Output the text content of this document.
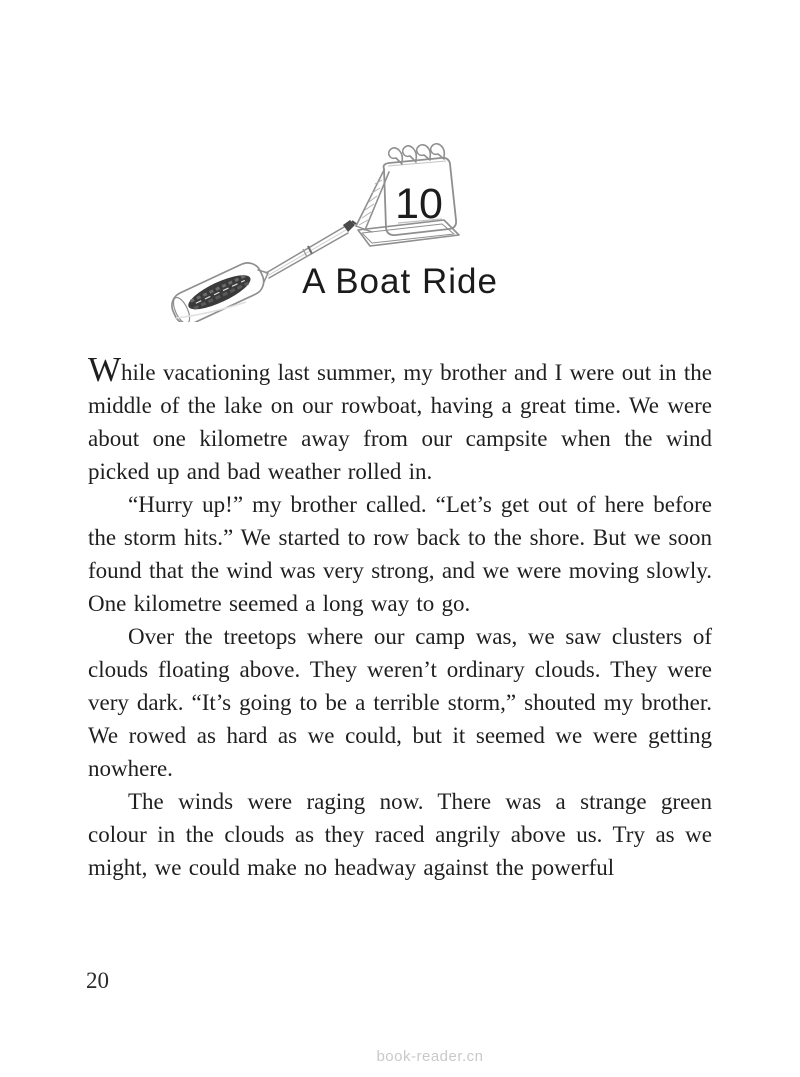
10
A Boat Ride

While vacationing last summer, my brother and I were out in the middle of the lake on our rowboat, having a great time. We were about one kilometre away from our campsite when the wind picked up and bad weather rolled in.

“Hurry up!” my brother called. “Let’s get out of here before the storm hits.” We started to row back to the shore. But we soon found that the wind was very strong, and we were moving slowly. One kilometre seemed a long way to go.

Over the treetops where our camp was, we saw clusters of clouds floating above. They weren’t ordinary clouds. They were very dark. “It’s going to be a terrible storm,” shouted my brother. We rowed as hard as we could, but it seemed we were getting nowhere.

The winds were raging now. There was a strange green colour in the clouds as they raced angrily above us. Try as we might, we could make no headway against the powerful

20
book-reader.cn
